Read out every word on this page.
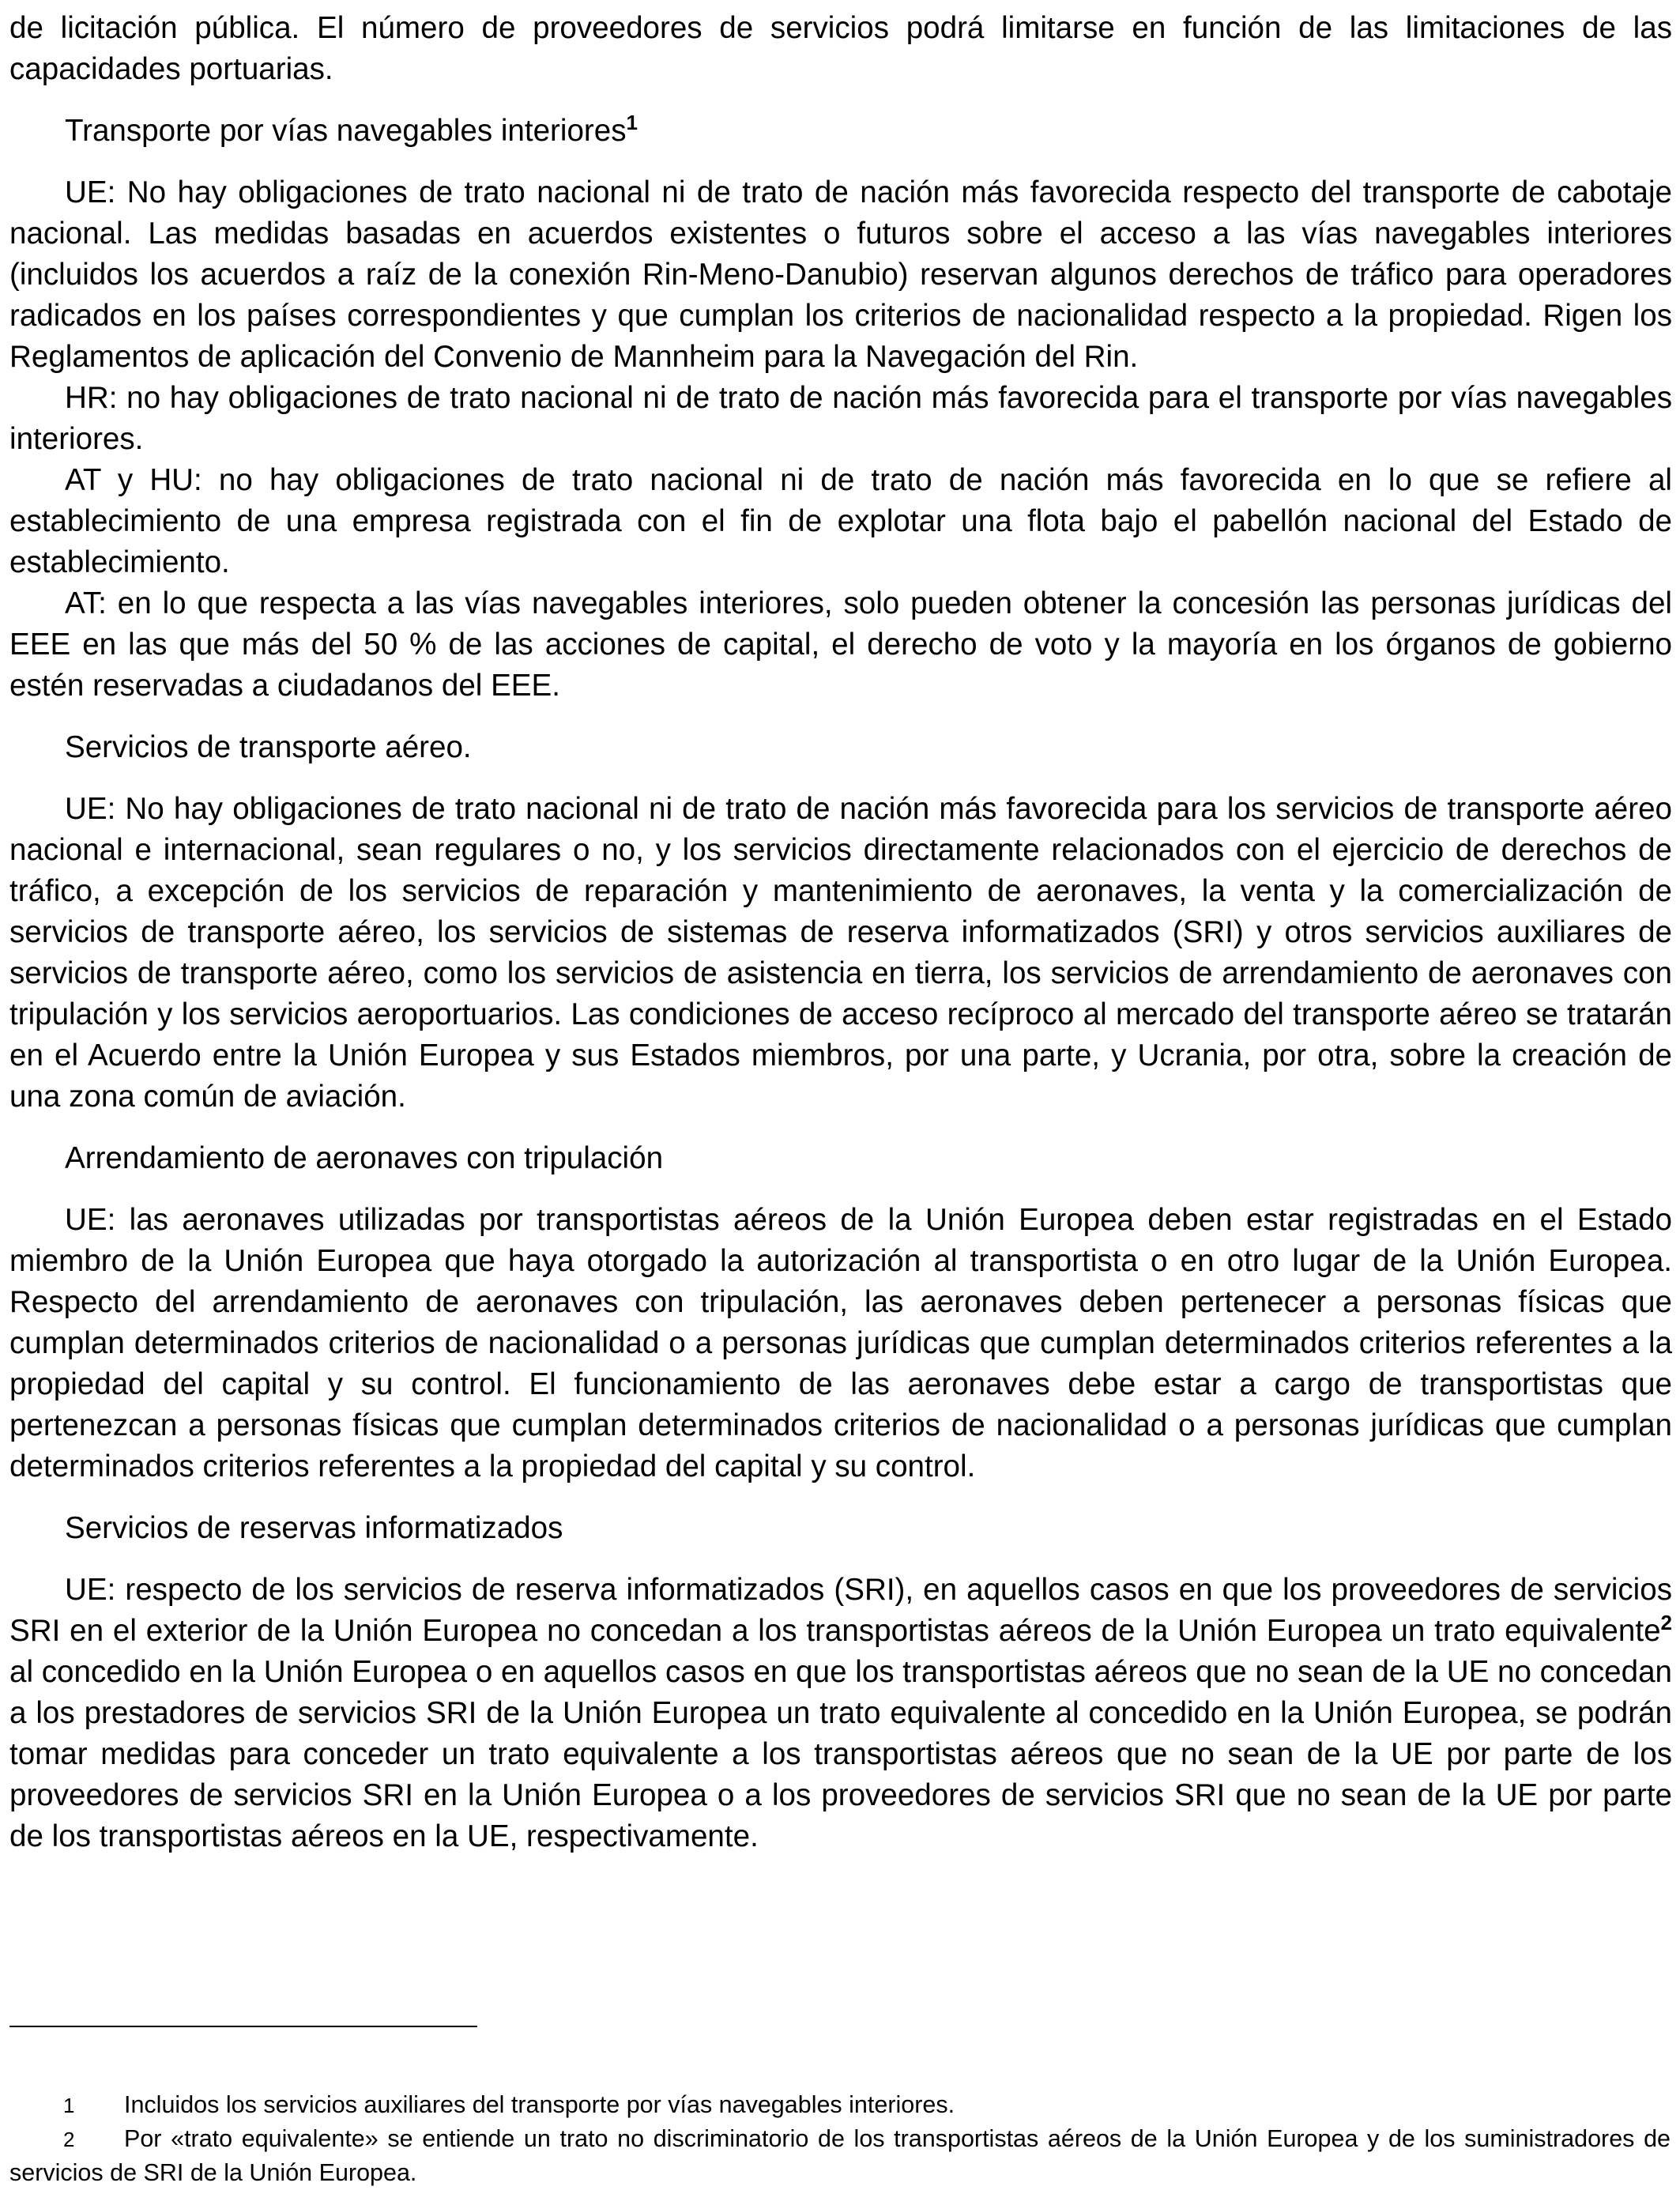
de licitación pública. El número de proveedores de servicios podrá limitarse en función de las limitaciones de las capacidades portuarias.

Transporte por vías navegables interiores$^1$

UE: No hay obligaciones de trato nacional ni de trato de nación más favorecida respecto del transporte de cabotaje nacional. Las medidas basadas en acuerdos existentes o futuros sobre el acceso a las vías navegables interiores (incluidos los acuerdos a raíz de la conexión Rin-Meno-Danubio) reservan algunos derechos de tráfico para operadores radicados en los países correspondientes y que cumplan los criterios de nacionalidad respecto a la propiedad. Rigen los Reglamentos de aplicación del Convenio de Mannheim para la Navegación del Rin.

HR: no hay obligaciones de trato nacional ni de trato de nación más favorecida para el transporte por vías navegables interiores.

AT y HU: no hay obligaciones de trato nacional ni de trato de nación más favorecida en lo que se refiere al establecimiento de una empresa registrada con el fin de explotar una flota bajo el pabellón nacional del Estado de establecimiento.

AT: en lo que respecta a las vías navegables interiores, solo pueden obtener la concesión las personas jurídicas del EEE en las que más del 50 % de las acciones de capital, el derecho de voto y la mayoría en los órganos de gobierno estén reservadas a ciudadanos del EEE.

Servicios de transporte aéreo.

UE: No hay obligaciones de trato nacional ni de trato de nación más favorecida para los servicios de transporte aéreo nacional e internacional, sean regulares o no, y los servicios directamente relacionados con el ejercicio de derechos de tráfico, a excepción de los servicios de reparación y mantenimiento de aeronaves, la venta y la comercialización de servicios de transporte aéreo, los servicios de sistemas de reserva informatizados (SRI) y otros servicios auxiliares de servicios de transporte aéreo, como los servicios de asistencia en tierra, los servicios de arrendamiento de aeronaves con tripulación y los servicios aeroportuarios. Las condiciones de acceso recíproco al mercado del transporte aéreo se tratarán en el Acuerdo entre la Unión Europea y sus Estados miembros, por una parte, y Ucrania, por otra, sobre la creación de una zona común de aviación.

Arrendamiento de aeronaves con tripulación

UE: las aeronaves utilizadas por transportistas aéreos de la Unión Europea deben estar registradas en el Estado miembro de la Unión Europea que haya otorgado la autorización al transportista o en otro lugar de la Unión Europea. Respecto del arrendamiento de aeronaves con tripulación, las aeronaves deben pertenecer a personas físicas que cumplan determinados criterios de nacionalidad o a personas jurídicas que cumplan determinados criterios referentes a la propiedad del capital y su control. El funcionamiento de las aeronaves debe estar a cargo de transportistas que pertenezcan a personas físicas que cumplan determinados criterios de nacionalidad o a personas jurídicas que cumplan determinados criterios referentes a la propiedad del capital y su control.

Servicios de reservas informatizados

UE: respecto de los servicios de reserva informatizados (SRI), en aquellos casos en que los proveedores de servicios SRI en el exterior de la Unión Europea no concedan a los transportistas aéreos de la Unión Europea un trato equivalente$^2$ al concedido en la Unión Europea o en aquellos casos en que los transportistas aéreos que no sean de la UE no concedan a los prestadores de servicios SRI de la Unión Europea un trato equivalente al concedido en la Unión Europea, se podrán tomar medidas para conceder un trato equivalente a los transportistas aéreos que no sean de la UE por parte de los proveedores de servicios SRI en la Unión Europea o a los proveedores de servicios SRI que no sean de la UE por parte de los transportistas aéreos en la UE, respectivamente.

1 Incluidos los servicios auxiliares del transporte por vías navegables interiores.

2 Por «trato equivalente» se entiende un trato no discriminatorio de los transportistas aéreos de la Unión Europea y de los suministradores de servicios de SRI de la Unión Europea.
